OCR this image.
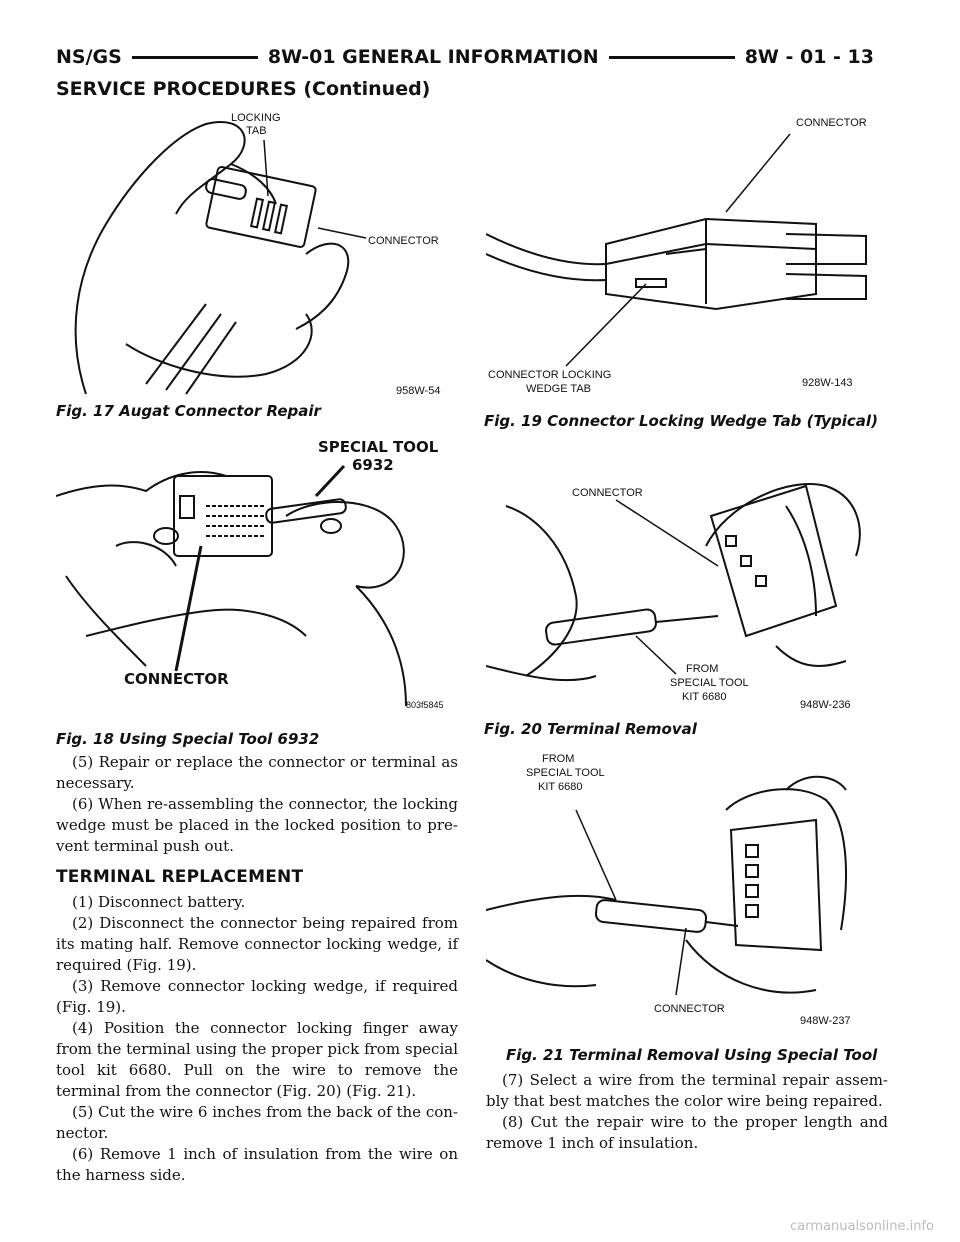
NS/GS	8W-01 GENERAL INFORMATION	8W - 01 - 13
SERVICE PROCEDURES (Continued)
LOCKING
TAB
CONNECTOR
958W-54
Fig. 17 Augat Connector Repair
SPECIAL TOOL
6932
CONNECTOR
803f5845
Fig. 18 Using Special Tool 6932

(5) Repair or replace the connector or terminal as necessary.

(6) When re-assembling the connector, the locking wedge must be placed in the locked position to pre- vent terminal push out.

TERMINAL REPLACEMENT

(1) Disconnect battery.

(2) Disconnect the connector being repaired from its mating half. Remove connector locking wedge, if required (Fig. 19).

(3) Remove connector locking wedge, if required (Fig. 19).

(4) Position the connector locking finger away from the terminal using the proper pick from special tool kit 6680. Pull on the wire to remove the terminal from the connector (Fig. 20) (Fig. 21).

(5) Cut the wire 6 inches from the back of the con- nector.

(6) Remove 1 inch of insulation from the wire on the harness side.

CONNECTOR
CONNECTOR LOCKING
WEDGE TAB	928W-143
Fig. 19 Connector Locking Wedge Tab (Typical)
CONNECTOR
FROM
SPECIAL TOOL
KIT 6680
948W-236
Fig. 20 Terminal Removal
FROM
SPECIAL TOOL
KIT 6680
CONNECTOR
948W-237
Fig. 21 Terminal Removal Using Special Tool

(7) Select a wire from the terminal repair assem- bly that best matches the color wire being repaired.

(8) Cut the repair wire to the proper length and remove 1 inch of insulation.

carmanualsonline.info
